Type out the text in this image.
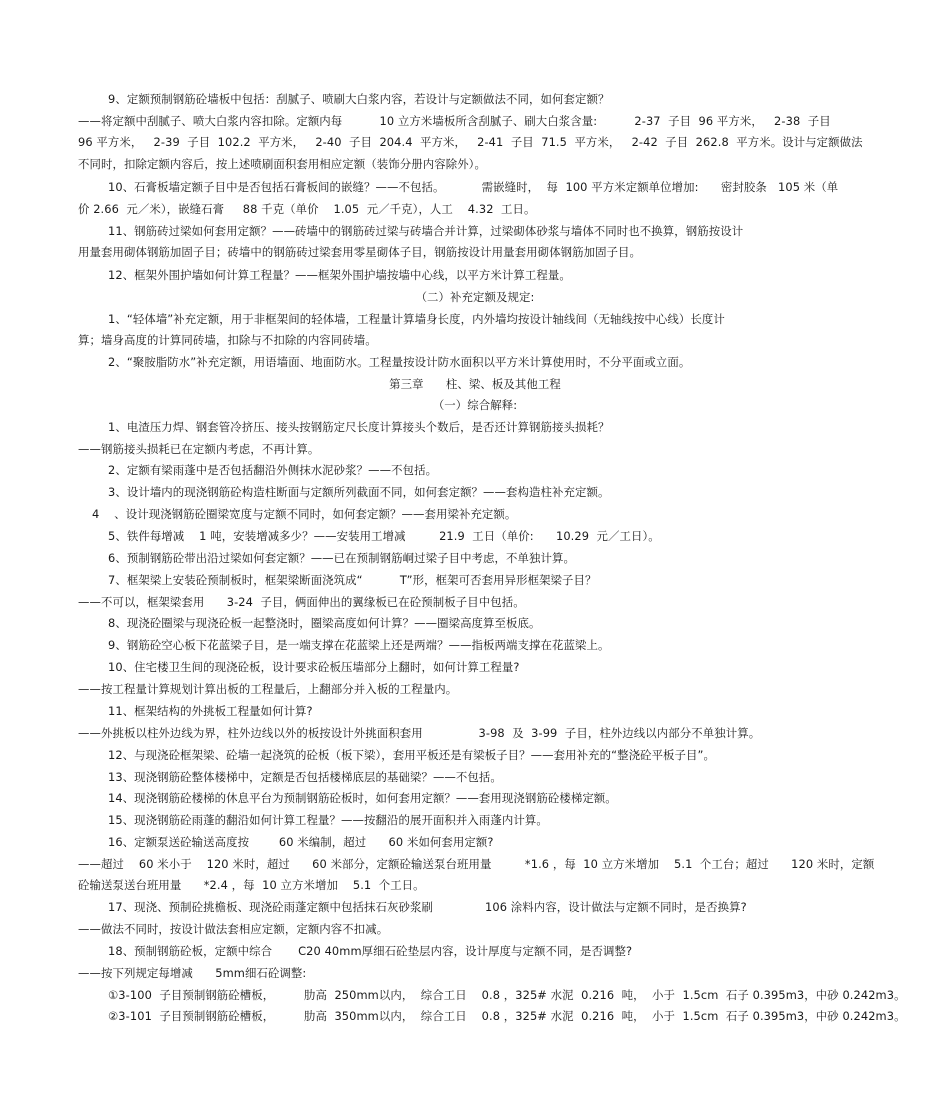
9、定额预制钢筋砼墙板中包括：刮腻子、喷刷大白浆内容，若设计与定额做法不同，如何套定额？
——将定额中刮腻子、喷大白浆内容扣除。定额内每          10 立方米墙板所含刮腻子、刷大白浆含量:          2-37  子目  96 平方米，   2-38  子目
96 平方米，   2-39  子目  102.2  平方米，   2-40  子目  204.4  平方米，   2-41  子目  71.5  平方米，   2-42  子目  262.8  平方米。设计与定额做法
不同时，扣除定额内容后，按上述喷刷面积套用相应定额（装饰分册内容除外）。
10、石膏板墙定额子目中是否包括石膏板间的嵌缝？——不包括。          需嵌缝时，  每  100 平方米定额单位增加:      密封胶条   105 米（单
价 2.66  元／米），嵌缝石膏     88 千克（单价    1.05  元／千克），人工    4.32  工日。
11、钢筋砖过梁如何套用定额？——砖墙中的钢筋砖过梁与砖墙合并计算，过梁砌体砂浆与墙体不同时也不换算，钢筋按设计
用量套用砌体钢筋加固子目；砖墙中的钢筋砖过梁套用零星砌体子目，钢筋按设计用量套用砌体钢筋加固子目。
12、框架外围护墙如何计算工程量？——框架外围护墙按墙中心线，以平方米计算工程量。
（二）补充定额及规定:
1、“轻体墙”补充定额，用于非框架间的轻体墙，工程量计算墙身长度，内外墙均按设计轴线间（无轴线按中心线）长度计
算；墙身高度的计算同砖墙，扣除与不扣除的内容同砖墙。
2、“聚胺脂防水”补充定额，用语墙面、地面防水。工程量按设计防水面积以平方米计算使用时，不分平面或立面。
第三章      柱、梁、板及其他工程
（一）综合解释:
1、电渣压力焊、钢套管冷挤压、接头按钢筋定尺长度计算接头个数后，是否还计算钢筋接头损耗？
——钢筋接头损耗已在定额内考虑，不再计算。
2、定额有梁雨蓬中是否包括翻沿外侧抹水泥砂浆？——不包括。
3、设计墙内的现浇钢筋砼构造柱断面与定额所列截面不同，如何套定额？——套构造柱补充定额。
4    、设计现浇钢筋砼圈梁宽度与定额不同时，如何套定额？——套用梁补充定额。
5、铁件每增减    1 吨，安装增减多少？——安装用工增减         21.9  工日（单价:      10.29  元／工日）。
6、预制钢筋砼带出沿过梁如何套定额？——已在预制钢筋峒过梁子目中考虑，不单独计算。
7、框架梁上安装砼预制板时，框架梁断面浇筑成“          T”形，框架可否套用异形框架梁子目？
——不可以，框架梁套用      3-24  子目，俩面伸出的翼缘板已在砼预制板子目中包括。
8、现浇砼圈梁与现浇砼板一起整浇时，圈梁高度如何计算？——圈梁高度算至板底。
9、钢筋砼空心板下花蓝梁子目，是一端支撑在花蓝梁上还是两端？——指板两端支撑在花蓝梁上。
10、住宅楼卫生间的现浇砼板，设计要求砼板压墙部分上翻时，如何计算工程量?
——按工程量计算规划计算出板的工程量后，上翻部分并入板的工程量内。
11、框架结构的外挑板工程量如何计算?
——外挑板以柱外边线为界，柱外边线以外的板按设计外挑面积套用               3-98  及  3-99  子目，柱外边线以内部分不单独计算。
12、与现浇砼框架梁、砼墙一起浇筑的砼板（板下梁），套用平板还是有梁板子目？——套用补充的“整浇砼平板子目”。
13、现浇钢筋砼整体楼梯中，定额是否包括楼梯底层的基础梁？——不包括。
14、现浇钢筋砼楼梯的休息平台为预制钢筋砼板时，如何套用定额？——套用现浇钢筋砼楼梯定额。
15、现浇钢筋砼雨蓬的翻沿如何计算工程量？——按翻沿的展开面积并入雨蓬内计算。
16、定额泵送砼输送高度按        60 米编制，超过      60 米如何套用定额?
——超过    60 米小于    120 米时，超过      60 米部分，定额砼输送泵台班用量         *1.6 ，每  10 立方米增加    5.1  个工台；超过      120 米时，定额
砼输送泵送台班用量      *2.4 ，每  10 立方米增加    5.1  个工日。
17、现浇、预制砼挑檐板、现浇砼雨蓬定额中包括抹石灰砂浆刷              106 涂料内容，设计做法与定额不同时，是否换算?
——做法不同时，按设计做法套相应定额，定额内容不扣减。
18、预制钢筋砼板，定额中综合       C20 40mm厚细石砼垫层内容，设计厚度与定额不同，是否调整?
——按下列规定每增减      5mm细石砼调整:
①3-100  子目预制钢筋砼槽板，        肋高  250mm以内，  综合工日    0.8 ，325# 水泥  0.216  吨，  小于  1.5cm  石子 0.395m3，中砂 0.242m3。
②3-101  子目预制钢筋砼槽板，        肋高  350mm以内，  综合工日    0.8 ，325# 水泥  0.216  吨，  小于  1.5cm  石子 0.395m3，中砂 0.242m3。
